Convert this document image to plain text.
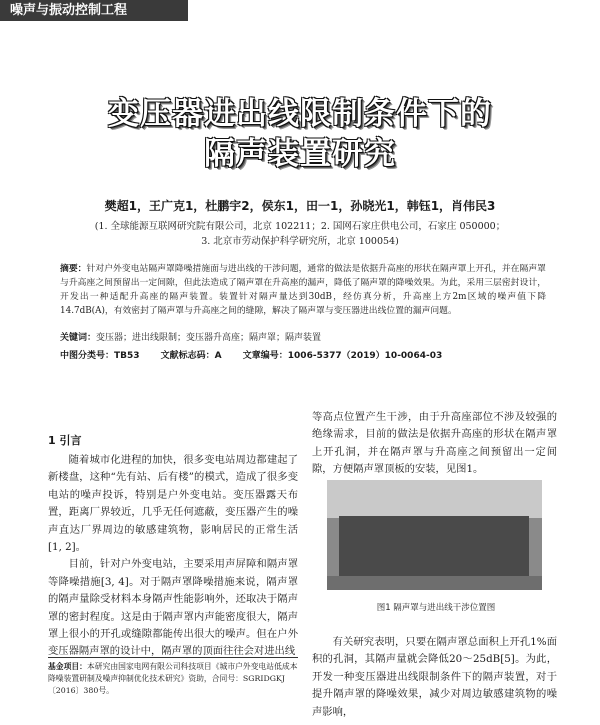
噪声与振动控制工程
变压器进出线限制条件下的
隔声装置研究
樊超1，王广克1，杜鹏宇2，侯东1，田一1，孙晓光1，韩钰1，肖伟民3
(1. 全球能源互联网研究院有限公司，北京 102211；2. 国网石家庄供电公司，石家庄 050000；
3. 北京市劳动保护科学研究所，北京 100054)
摘要：针对户外变电站隔声罩降噪措施面与进出线的干涉问题，通常的做法是依据升高座的形状在隔声罩上开孔，并在隔声罩与升高座之间预留出一定间隙，但此法造成了隔声罩在升高座的漏声，降低了隔声罩的降噪效果。为此，采用三层密封设计，开发出一种适配升高座的隔声装置。装置针对隔声量达到30dB，经仿真分析，升高座上方2m区域的噪声值下降14.7dB(A)，有效密封了隔声罩与升高座之间的缝隙，解决了隔声罩与变压器进出线位置的漏声问题。
关键词：变压器；进出线限制；变压器升高座；隔声罩；隔声装置
中图分类号：TB53 文献标志码：A 文章编号：1006-5377（2019）10-0064-03
1 引言

随着城市化进程的加快，很多变电站周边都建起了新楼盘，这种“先有站、后有楼”的模式，造成了很多变电站的噪声投诉，特别是户外变电站。变压器露天布置，距离厂界较近，几乎无任何遮蔽，变压器产生的噪声直达厂界周边的敏感建筑物，影响居民的正常生活[1, 2]。

目前，针对户外变电站，主要采用声屏障和隔声罩等降噪措施[3, 4]。对于隔声罩降噪措施来说，隔声罩的隔声量除受材料本身隔声性能影响外，还取决于隔声罩的密封程度。这是由于隔声罩内声能密度很大，隔声罩上很小的开孔或缝隙都能传出很大的噪声。但在户外变压器隔声罩的设计中，隔声罩的顶面往往会对进出线

等高点位置产生干涉，由于升高座部位不涉及较强的绝缘需求，目前的做法是依据升高座的形状在隔声罩上开孔洞，并在隔声罩与升高座之间预留出一定间隙，方便隔声罩顶板的安装，见图1。

图1 隔声罩与进出线干涉位置图

有关研究表明，只要在隔声罩总面积上开孔1%面积的孔洞，其隔声量就会降低20～25dB[5]。为此，开发一种变压器进出线限制条件下的隔声装置，对于提升隔声罩的降噪效果，减少对周边敏感建筑物的噪声影响，

基金项目：本研究由国家电网有限公司科技项目《城市户外变电站低成本降噪装置研制及噪声抑制优化技术研究》资助，合同号：SGRIDGKJ〔2016〕380号。
